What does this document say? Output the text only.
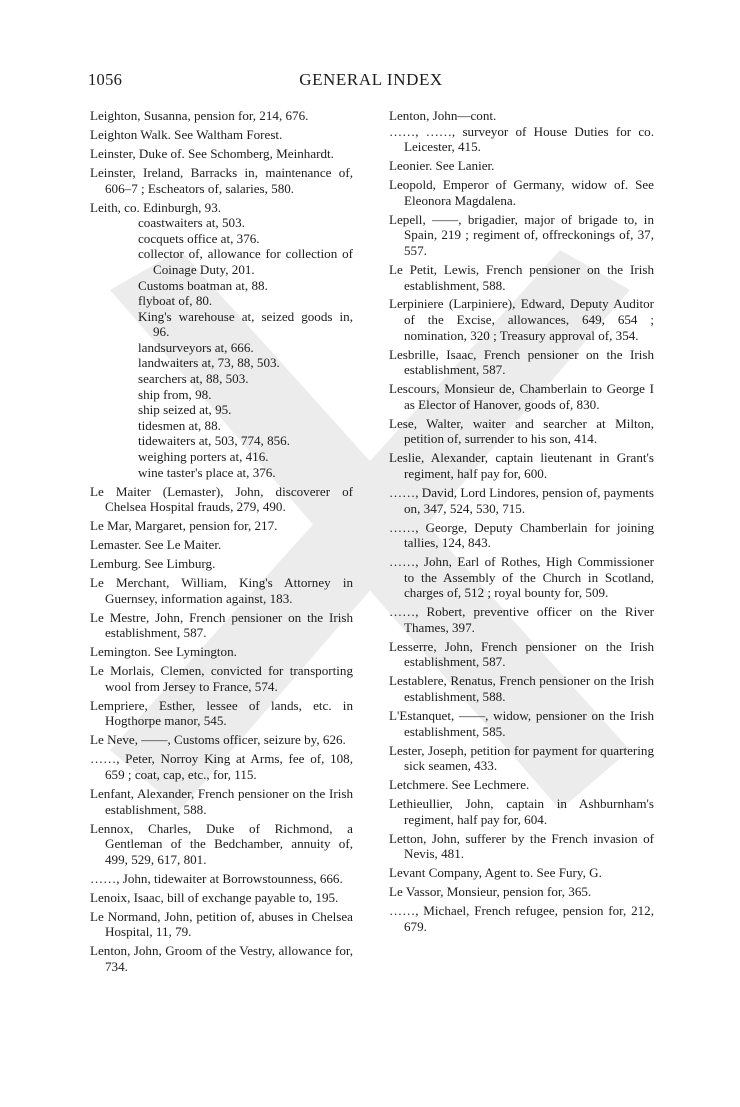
GENERAL INDEX
1056
Leighton, Susanna, pension for, 214, 676.
Leighton Walk. See Waltham Forest.
Leinster, Duke of. See Schomberg, Meinhardt.
Leinster, Ireland, Barracks in, maintenance of, 606–7 ; Escheators of, salaries, 580.
Leith, co. Edinburgh, 93.
coastwaiters at, 503.
cocquets office at, 376.
collector of, allowance for collection of Coinage Duty, 201.
Customs boatman at, 88.
flyboat of, 80.
King's warehouse at, seized goods in, 96.
landsurveyors at, 666.
landwaiters at, 73, 88, 503.
searchers at, 88, 503.
ship from, 98.
ship seized at, 95.
tidesmen at, 88.
tidewaiters at, 503, 774, 856.
weighing porters at, 416.
wine taster's place at, 376.
Le Maiter (Lemaster), John, discoverer of Chelsea Hospital frauds, 279, 490.
Le Mar, Margaret, pension for, 217.
Lemaster. See Le Maiter.
Lemburg. See Limburg.
Le Merchant, William, King's Attorney in Guernsey, information against, 183.
Le Mestre, John, French pensioner on the Irish establishment, 587.
Lemington. See Lymington.
Le Morlais, Clemen, convicted for transporting wool from Jersey to France, 574.
Lempriere, Esther, lessee of lands, etc. in Hogthorpe manor, 545.
Le Neve, ——, Customs officer, seizure by, 626.
……, Peter, Norroy King at Arms, fee of, 108, 659 ; coat, cap, etc., for, 115.
Lenfant, Alexander, French pensioner on the Irish establishment, 588.
Lennox, Charles, Duke of Richmond, a Gentleman of the Bedchamber, annuity of, 499, 529, 617, 801.
……, John, tidewaiter at Borrowstounness, 666.
Lenoix, Isaac, bill of exchange payable to, 195.
Le Normand, John, petition of, abuses in Chelsea Hospital, 11, 79.
Lenton, John, Groom of the Vestry, allowance for, 734.
Lenton, John—cont.
……, ……, surveyor of House Duties for co. Leicester, 415.
Leonier. See Lanier.
Leopold, Emperor of Germany, widow of. See Eleonora Magdalena.
Lepell, ——, brigadier, major of brigade to, in Spain, 219 ; regiment of, offreckonings of, 37, 557.
Le Petit, Lewis, French pensioner on the Irish establishment, 588.
Lerpiniere (Larpiniere), Edward, Deputy Auditor of the Excise, allowances, 649, 654 ; nomination, 320 ; Treasury approval of, 354.
Lesbrille, Isaac, French pensioner on the Irish establishment, 587.
Lescours, Monsieur de, Chamberlain to George I as Elector of Hanover, goods of, 830.
Lese, Walter, waiter and searcher at Milton, petition of, surrender to his son, 414.
Leslie, Alexander, captain lieutenant in Grant's regiment, half pay for, 600.
……, David, Lord Lindores, pension of, payments on, 347, 524, 530, 715.
……, George, Deputy Chamberlain for joining tallies, 124, 843.
……, John, Earl of Rothes, High Commissioner to the Assembly of the Church in Scotland, charges of, 512 ; royal bounty for, 509.
……, Robert, preventive officer on the River Thames, 397.
Lesserre, John, French pensioner on the Irish establishment, 587.
Lestablere, Renatus, French pensioner on the Irish establishment, 588.
L'Estanquet, ——, widow, pensioner on the Irish establishment, 585.
Lester, Joseph, petition for payment for quartering sick seamen, 433.
Letchmere. See Lechmere.
Lethieullier, John, captain in Ashburnham's regiment, half pay for, 604.
Letton, John, sufferer by the French invasion of Nevis, 481.
Levant Company, Agent to. See Fury, G.
Le Vassor, Monsieur, pension for, 365.
……, Michael, French refugee, pension for, 212, 679.
